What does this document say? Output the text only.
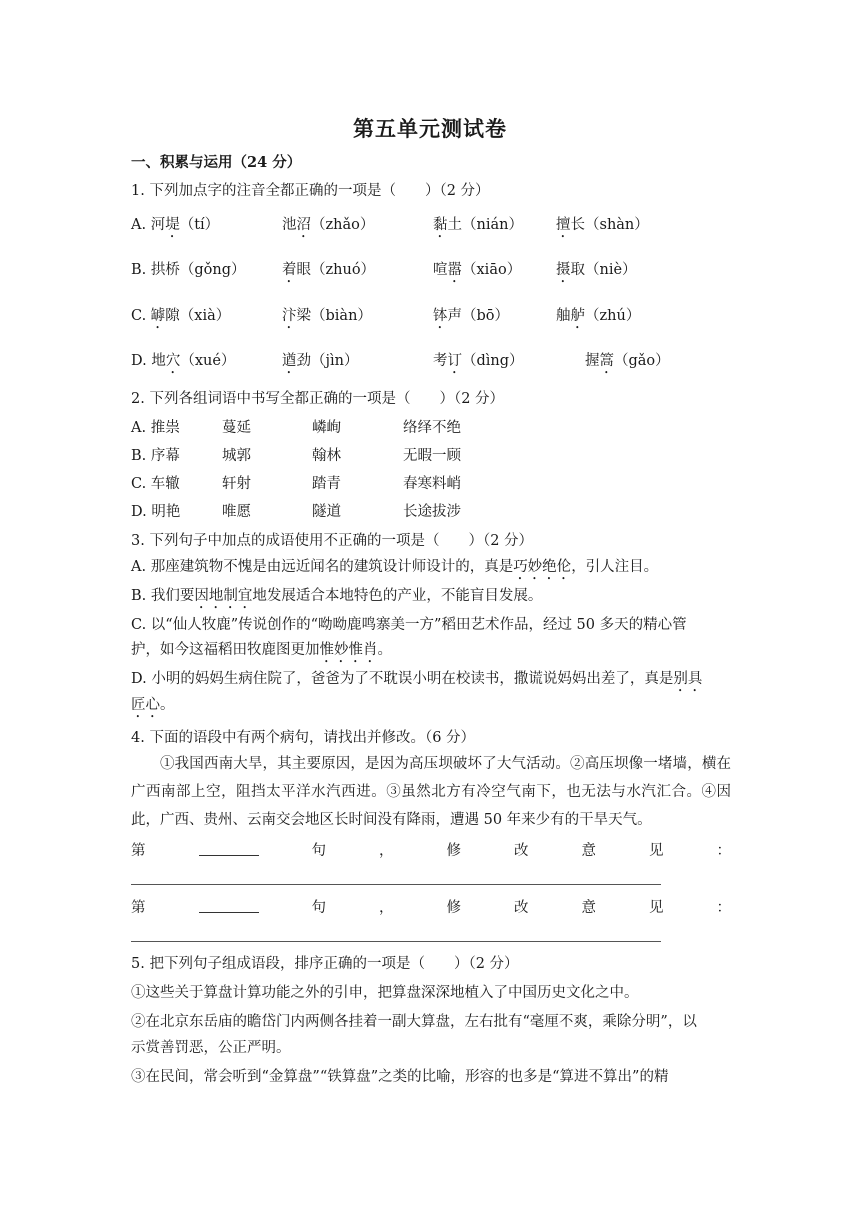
第五单元测试卷
一、积累与运用（24 分）
1. 下列加点字的注音全都正确的一项是（　　）（2 分）
A. 河堤（tí）	池沼（zhǎo）	黏土（nián） 擅长（shàn）
B. 拱桥（gǒng）	着眼（zhuó）	喧嚣（xiāo） 摄取（niè）
C. 罅隙（xià）	汴梁（biàn）	钵声（bō）	舳舻（zhú）
D. 地穴（xué）	遒劲（jìn）	考订（dìng）	握篙（gǎo）
2. 下列各组词语中书写全都正确的一项是（　　）（2 分）
A. 推祟	蔓延	嶙峋	络绎不绝
B. 序幕	城郭	翰林	无暇一顾
C. 车辙	轩射	踏青	春寒料峭
D. 明艳	唯愿	隧道	长途拔涉
3. 下列句子中加点的成语使用不正确的一项是（　　）（2 分）
A. 那座建筑物不愧是由远近闻名的建筑设计师设计的，真是巧妙绝伦，引人注目。
B. 我们要因地制宜地发展适合本地特色的产业，不能盲目发展。
C. 以“仙人牧鹿”传说创作的“呦呦鹿鸣寨美一方”稻田艺术作品，经过 50 多天的精心管
护，如今这福稻田牧鹿图更加惟妙惟肖。
D. 小明的妈妈生病住院了，爸爸为了不耽误小明在校读书，撒谎说妈妈出差了，真是别具
匠心。
4. 下面的语段中有两个病句，请找出并修改。（6 分）
①我国西南大旱，其主要原因，是因为高压坝破坏了大气活动。②高压坝像一堵墙，横在广西南部上空，阻挡太平洋水汽西进。③虽然北方有冷空气南下，也无法与水汽汇合。④因此，广西、贵州、云南交会地区长时间没有降雨，遭遇 50 年来少有的干旱天气。
第	句	，	修	改	意	见	：
第	句	，	修	改	意	见	：
5. 把下列句子组成语段，排序正确的一项是（　　）（2 分）
①这些关于算盘计算功能之外的引申，把算盘深深地植入了中国历史文化之中。
②在北京东岳庙的瞻岱门内两侧各挂着一副大算盘，左右批有“毫厘不爽，乘除分明”，以
示赏善罚恶，公正严明。
③在民间，常会听到“金算盘”“铁算盘”之类的比喻，形容的也多是“算进不算出”的精
